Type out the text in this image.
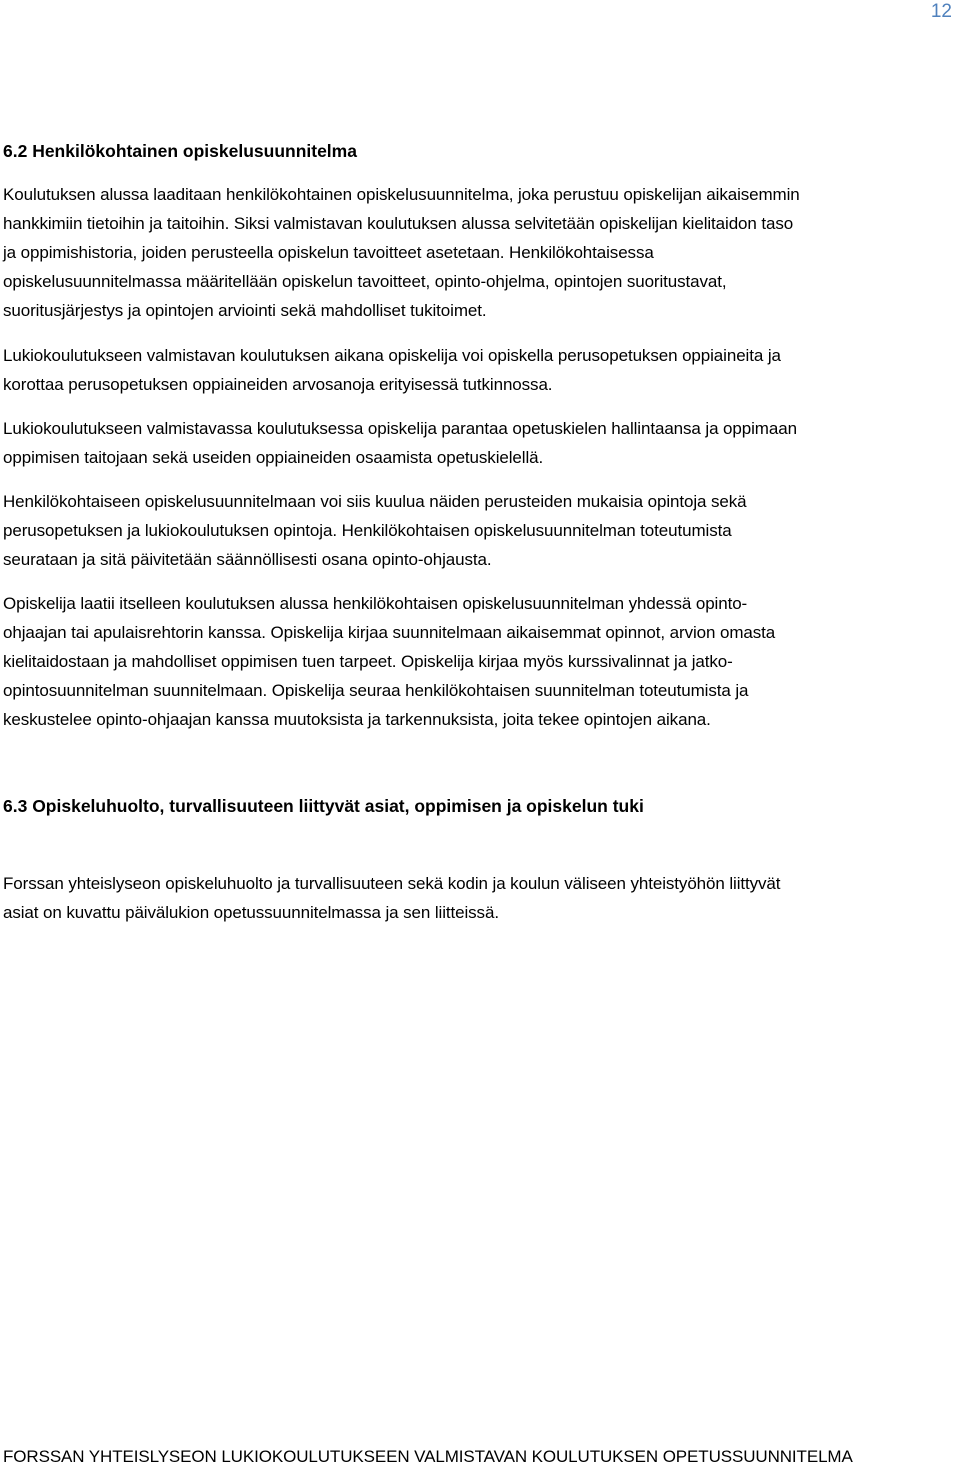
12
6.2 Henkilökohtainen opiskelusuunnitelma

Koulutuksen alussa laaditaan henkilökohtainen opiskelusuunnitelma, joka perustuu opiskelijan aikaisemmin
hankkimiin tietoihin ja taitoihin. Siksi valmistavan koulutuksen alussa selvitetään opiskelijan kielitaidon taso
ja oppimishistoria, joiden perusteella opiskelun tavoitteet asetetaan. Henkilökohtaisessa
opiskelusuunnitelmassa määritellään opiskelun tavoitteet, opinto-ohjelma, opintojen suoritustavat,
suoritusjärjestys ja opintojen arviointi sekä mahdolliset tukitoimet.

Lukiokoulutukseen valmistavan koulutuksen aikana opiskelija voi opiskella perusopetuksen oppiaineita ja
korottaa perusopetuksen oppiaineiden arvosanoja erityisessä tutkinnossa.

Lukiokoulutukseen valmistavassa koulutuksessa opiskelija parantaa opetuskielen hallintaansa ja oppimaan
oppimisen taitojaan sekä useiden oppiaineiden osaamista opetuskielellä.

Henkilökohtaiseen opiskelusuunnitelmaan voi siis kuulua näiden perusteiden mukaisia opintoja sekä
perusopetuksen ja lukiokoulutuksen opintoja. Henkilökohtaisen opiskelusuunnitelman toteutumista
seurataan ja sitä päivitetään säännöllisesti osana opinto-ohjausta.

Opiskelija laatii itselleen koulutuksen alussa henkilökohtaisen opiskelusuunnitelman yhdessä opinto-
ohjaajan tai apulaisrehtorin kanssa. Opiskelija kirjaa suunnitelmaan aikaisemmat opinnot, arvion omasta
kielitaidostaan ja mahdolliset oppimisen tuen tarpeet. Opiskelija kirjaa myös kurssivalinnat ja jatko-
opintosuunnitelman suunnitelmaan. Opiskelija seuraa henkilökohtaisen suunnitelman toteutumista ja
keskustelee opinto-ohjaajan kanssa muutoksista ja tarkennuksista, joita tekee opintojen aikana.

6.3 Opiskeluhuolto, turvallisuuteen liittyvät asiat, oppimisen ja opiskelun tuki

Forssan yhteislyseon opiskeluhuolto ja turvallisuuteen sekä kodin ja koulun väliseen yhteistyöhön liittyvät
asiat on kuvattu päivälukion opetussuunnitelmassa ja sen liitteissä.

FORSSAN YHTEISLYSEON LUKIOKOULUTUKSEEN VALMISTAVAN KOULUTUKSEN OPETUSSUUNNITELMA
